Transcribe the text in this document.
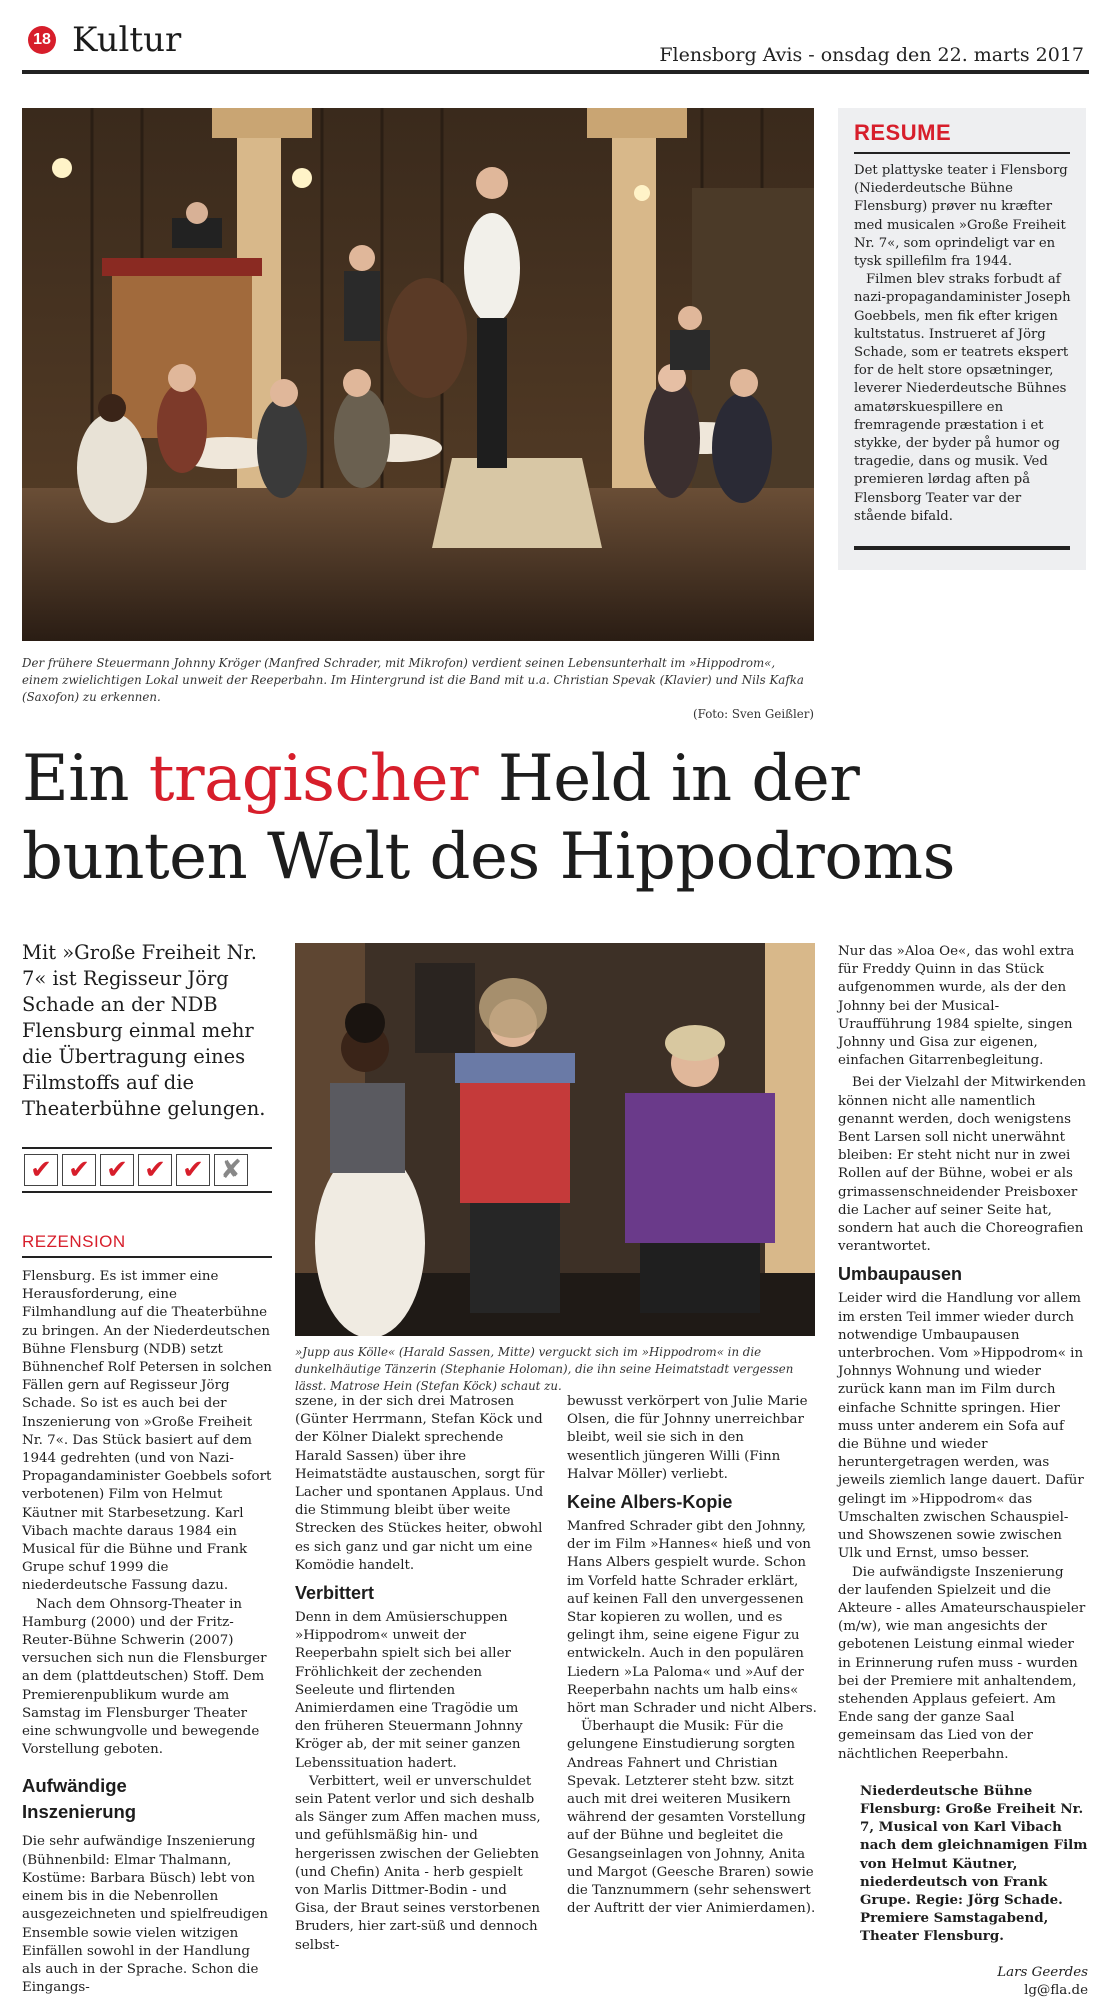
18 Kultur	Flensborg Avis - onsdag den 22. marts 2017
Der frühere Steuermann Johnny Kröger (Manfred Schrader, mit Mikrofon) verdient seinen Lebensunterhalt im »Hippodrom«, einem zwielichtigen Lokal unweit der Reeperbahn. Im Hintergrund ist die Band mit u.a. Christian Spevak (Klavier) und Nils Kafka (Saxofon) zu erkennen.
(Foto: Sven Geißler)
RESUME

Det plattyske teater i Flensborg (Niederdeutsche Bühne Flensburg) prøver nu kræfter med musicalen »Große Freiheit Nr. 7«, som oprindeligt var en tysk spillefilm fra 1944.

Filmen blev straks forbudt af nazi-propagandaminister Joseph Goebbels, men fik efter krigen kultstatus. Instrueret af Jörg Schade, som er teatrets ekspert for de helt store opsætninger, leverer Niederdeutsche Bühnes amatørskuespillere en fremragende præstation i et stykke, der byder på humor og tragedie, dans og musik. Ved premieren lørdag aften på Flensborg Teater var der stående bifald.

Ein tragischer Held in der bunten Welt des Hippodroms

Mit »Große Freiheit Nr. 7« ist Regisseur Jörg Schade an der NDB Flensburg einmal mehr die Übertragung eines Filmstoffs auf die Theaterbühne gelungen.

✔ ✔ ✔ ✔ ✔ ✘
REZENSION
»Jupp aus Kölle« (Harald Sassen, Mitte) verguckt sich im »Hippodrom« in die dunkelhäutige Tänzerin (Stephanie Holoman), die ihn seine Heimatstadt vergessen lässt. Matrose Hein (Stefan Köck) schaut zu.

Flensburg. Es ist immer eine Herausforderung, eine Filmhandlung auf die Theaterbühne zu bringen. An der Niederdeutschen Bühne Flensburg (NDB) setzt Bühnenchef Rolf Petersen in solchen Fällen gern auf Regisseur Jörg Schade. So ist es auch bei der Inszenierung von »Große Freiheit Nr. 7«. Das Stück basiert auf dem 1944 gedrehten (und von Nazi-Propagandaminister Goebbels sofort verbotenen) Film von Helmut Käutner mit Starbesetzung. Karl Vibach machte daraus 1984 ein Musical für die Bühne und Frank Grupe schuf 1999 die niederdeutsche Fassung dazu.

Nach dem Ohnsorg-Theater in Hamburg (2000) und der Fritz-Reuter-Bühne Schwerin (2007) versuchen sich nun die Flensburger an dem (plattdeutschen) Stoff. Dem Premierenpublikum wurde am Samstag im Flensburger Theater eine schwungvolle und bewegende Vorstellung geboten.

Aufwändige Inszenierung

Die sehr aufwändige Inszenierung (Bühnenbild: Elmar Thalmann, Kostüme: Barbara Büsch) lebt von einem bis in die Nebenrollen ausgezeichneten und spielfreudigen Ensemble sowie vielen witzigen Einfällen sowohl in der Handlung als auch in der Sprache. Schon die Eingangs-

szene, in der sich drei Matrosen (Günter Herrmann, Stefan Köck und der Kölner Dialekt sprechende Harald Sassen) über ihre Heimatstädte austauschen, sorgt für Lacher und spontanen Applaus. Und die Stimmung bleibt über weite Strecken des Stückes heiter, obwohl es sich ganz und gar nicht um eine Komödie handelt.

Verbittert

Denn in dem Amüsierschuppen »Hippodrom« unweit der Reeperbahn spielt sich bei aller Fröhlichkeit der zechenden Seeleute und flirtenden Animierdamen eine Tragödie um den früheren Steuermann Johnny Kröger ab, der mit seiner ganzen Lebenssituation hadert.

Verbittert, weil er unverschuldet sein Patent verlor und sich deshalb als Sänger zum Affen machen muss, und gefühlsmäßig hin- und hergerissen zwischen der Geliebten (und Chefin) Anita - herb gespielt von Marlis Dittmer-Bodin - und Gisa, der Braut seines verstorbenen Bruders, hier zart-süß und dennoch selbst-

bewusst verkörpert von Julie Marie Olsen, die für Johnny unerreichbar bleibt, weil sie sich in den wesentlich jüngeren Willi (Finn Halvar Möller) verliebt.

Keine Albers-Kopie

Manfred Schrader gibt den Johnny, der im Film »Hannes« hieß und von Hans Albers gespielt wurde. Schon im Vorfeld hatte Schrader erklärt, auf keinen Fall den unvergessenen Star kopieren zu wollen, und es gelingt ihm, seine eigene Figur zu entwickeln. Auch in den populären Liedern »La Paloma« und »Auf der Reeperbahn nachts um halb eins« hört man Schrader und nicht Albers.

Überhaupt die Musik: Für die gelungene Einstudierung sorgten Andreas Fahnert und Christian Spevak. Letzterer steht bzw. sitzt auch mit drei weiteren Musikern während der gesamten Vorstellung auf der Bühne und begleitet die Gesangseinlagen von Johnny, Anita und Margot (Geesche Braren) sowie die Tanznummern (sehr sehenswert der Auftritt der vier Animierdamen).

Nur das »Aloa Oe«, das wohl extra für Freddy Quinn in das Stück aufgenommen wurde, als der den Johnny bei der Musical-Uraufführung 1984 spielte, singen Johnny und Gisa zur eigenen, einfachen Gitarrenbegleitung.

Bei der Vielzahl der Mitwirkenden können nicht alle namentlich genannt werden, doch wenigstens Bent Larsen soll nicht unerwähnt bleiben: Er steht nicht nur in zwei Rollen auf der Bühne, wobei er als grimassenschneidender Preisboxer die Lacher auf seiner Seite hat, sondern hat auch die Choreografien verantwortet.

Umbaupausen

Leider wird die Handlung vor allem im ersten Teil immer wieder durch notwendige Umbaupausen unterbrochen. Vom »Hippodrom« in Johnnys Wohnung und wieder zurück kann man im Film durch einfache Schnitte springen. Hier muss unter anderem ein Sofa auf die Bühne und wieder heruntergetragen werden, was jeweils ziemlich lange dauert. Dafür gelingt im »Hippodrom« das Umschalten zwischen Schauspiel- und Showszenen sowie zwischen Ulk und Ernst, umso besser.

Die aufwändigste Inszenierung der laufenden Spielzeit und die Akteure - alles Amateurschauspieler (m/w), wie man angesichts der gebotenen Leistung einmal wieder in Erinnerung rufen muss - wurden bei der Premiere mit anhaltendem, stehenden Applaus gefeiert. Am Ende sang der ganze Saal gemeinsam das Lied von der nächtlichen Reeperbahn.

Niederdeutsche Bühne Flensburg: Große Freiheit Nr. 7, Musical von Karl Vibach nach dem gleichnamigen Film von Helmut Käutner, niederdeutsch von Frank Grupe. Regie: Jörg Schade. Premiere Samstagabend, Theater Flensburg.

Lars Geerdes

lg@fla.de
